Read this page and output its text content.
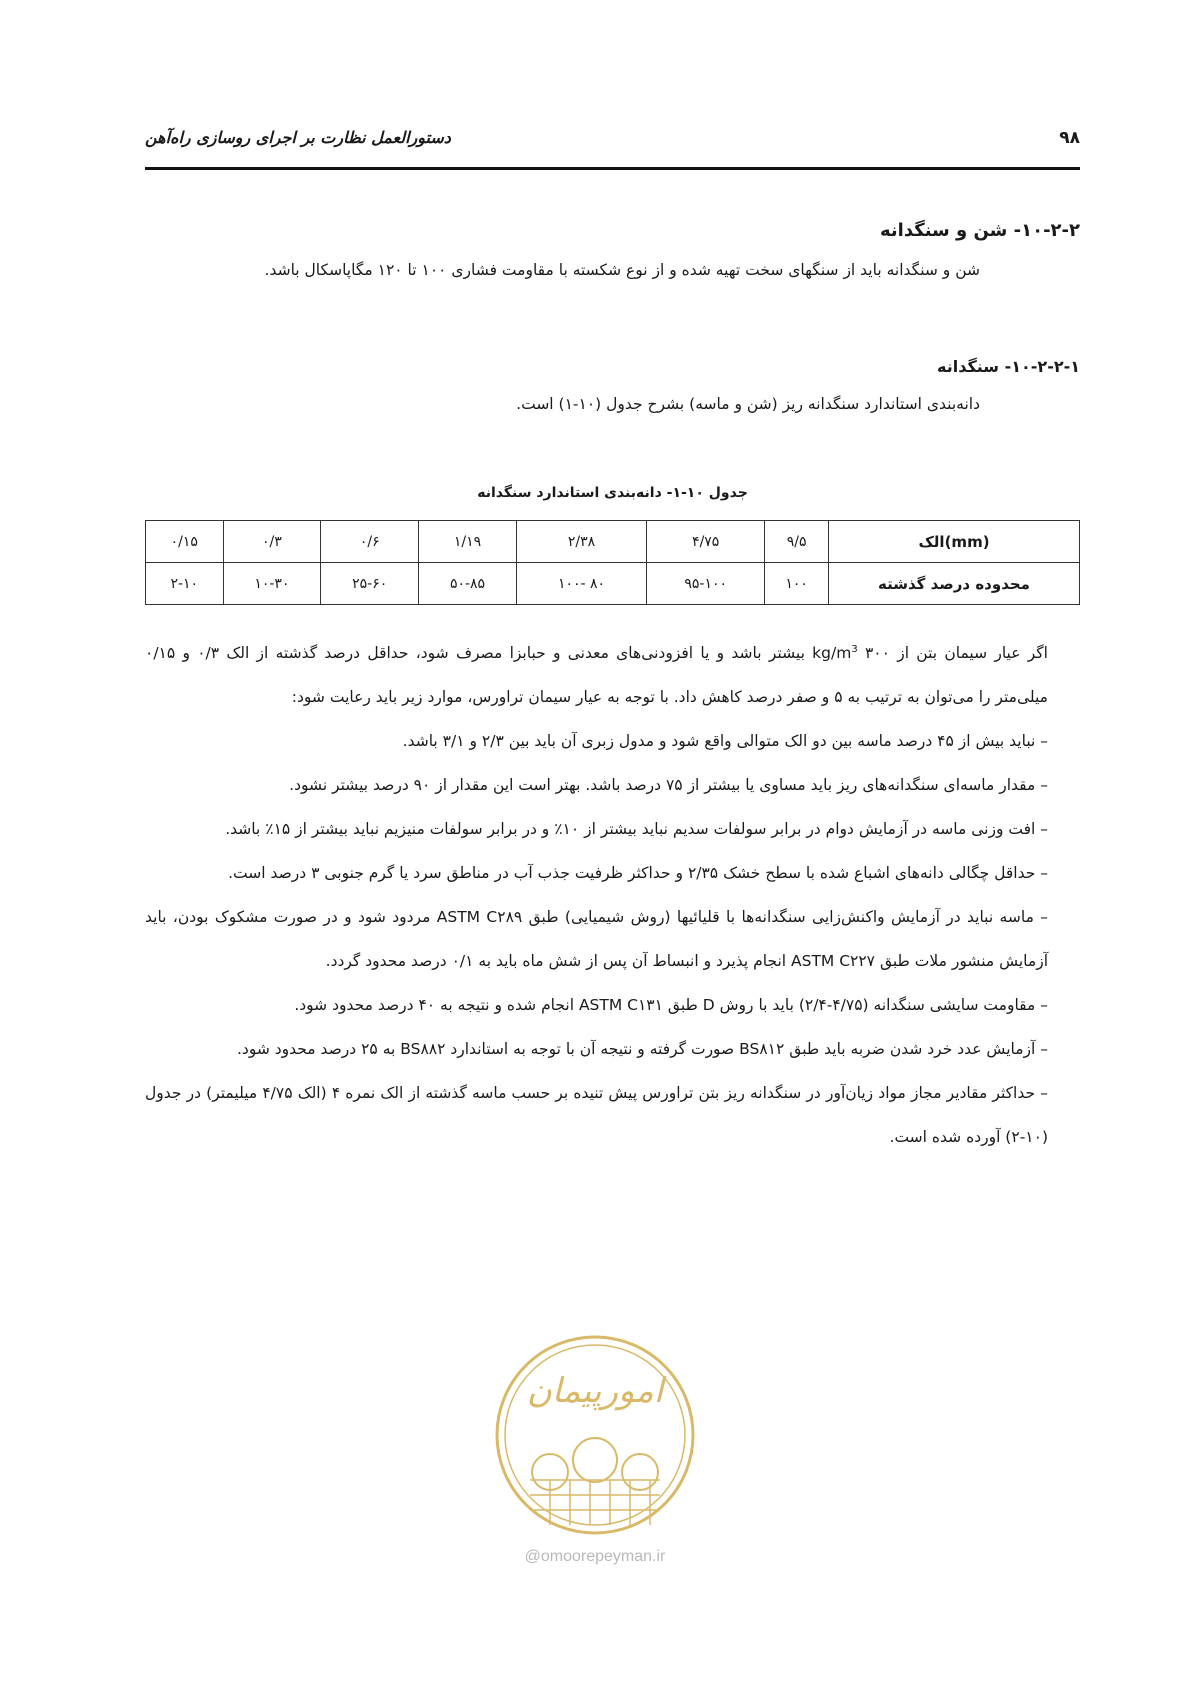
دستورالعمل نظارت بر اجرای روسازی راه‌آهن	۹۸
۱۰-۲-۲- شن و سنگدانه
شن و سنگدانه باید از سنگهای سخت تهیه شده و از نوع شکسته با مقاومت فشاری ۱۰۰ تا ۱۲۰ مگاپاسکال باشد.
۱۰-۲-۲-۱- سنگدانه
دانه‌بندی استاندارد سنگدانه ریز (شن و ماسه) بشرح جدول (۱۰-۱) است.
جدول ۱۰-۱- دانه‌بندی استاندارد سنگدانه
الک(mm)	۹/۵	۴/۷۵	۲/۳۸	۱/۱۹	۰/۶	۰/۳	۰/۱۵
محدوده درصد گذشته	۱۰۰	۹۵-۱۰۰	۸۰ -۱۰۰	۵۰-۸۵	۲۵-۶۰	۱۰-۳۰	۲-۱۰

اگر عیار سیمان بتن از ۳۰۰ $kg/m^3$ بیشتر باشد و یا افزودنی‌های معدنی و حبابزا مصرف شود، حداقل درصد گذشته از الک ۰/۳ و ۰/۱۵ میلی‌متر را می‌توان به ترتیب به ۵ و صفر درصد کاهش داد. با توجه به عیار سیمان تراورس، موارد زیر باید رعایت شود:

– نباید بیش از ۴۵ درصد ماسه بین دو الک متوالی واقع شود و مدول زبری آن باید بین ۲/۳ و ۳/۱ باشد.

– مقدار ماسه‌ای سنگدانه‌های ریز باید مساوی یا بیشتر از ۷۵ درصد باشد. بهتر است این مقدار از ۹۰ درصد بیشتر نشود.

– افت وزنی ماسه در آزمایش دوام در برابر سولفات سدیم نباید بیشتر از ۱۰٪ و در برابر سولفات منیزیم نباید بیشتر از ۱۵٪ باشد.

– حداقل چگالی دانه‌های اشباع شده با سطح خشک ۲/۳۵ و حداکثر ظرفیت جذب آب در مناطق سرد یا گرم جنوبی ۳ درصد است.

– ماسه نباید در آزمایش واکنش‌زایی سنگدانه‌ها با قلیائیها (روش شیمیایی) طبق ASTM C۲۸۹ مردود شود و در صورت مشکوک بودن، باید آزمایش منشور ملات طبق ASTM C۲۲۷ انجام پذیرد و انبساط آن پس از شش ماه باید به ۰/۱ درصد محدود گردد.

– مقاومت سایشی سنگدانه (۴/۷۵-۲/۴) باید با روش D طبق ASTM C۱۳۱ انجام شده و نتیجه به ۴۰ درصد محدود شود.

– آزمایش عدد خرد شدن ضربه باید طبق BS۸۱۲ صورت گرفته و نتیجه آن با توجه به استاندارد BS۸۸۲ به ۲۵ درصد محدود شود.

– حداکثر مقادیر مجاز مواد زیان‌آور در سنگدانه ریز بتن تراورس پیش تنیده بر حسب ماسه گذشته از الک نمره ۴ (الک ۴/۷۵ میلیمتر) در جدول (۱۰-۲) آورده شده است.

امورپیمان
@omoorepeyman.ir
